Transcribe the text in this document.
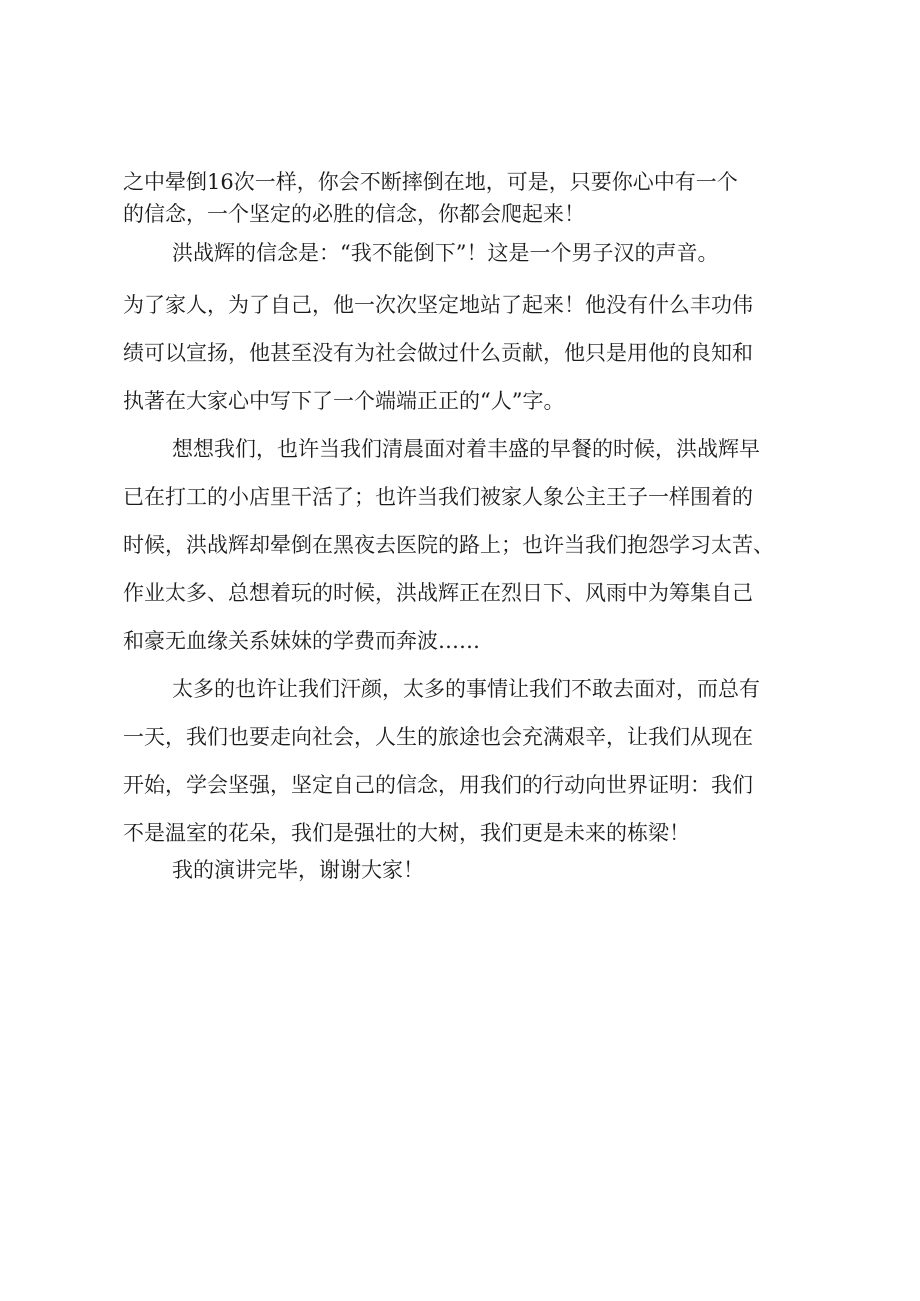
之中晕倒16次一样，你会不断摔倒在地，可是，只要你心中有一个
的信念，一个坚定的必胜的信念，你都会爬起来！
洪战辉的信念是：“我不能倒下”！这是一个男子汉的声音。
为了家人，为了自己，他一次次坚定地站了起来！他没有什么丰功伟
绩可以宣扬，他甚至没有为社会做过什么贡献，他只是用他的良知和
执著在大家心中写下了一个端端正正的“人”字。
想想我们，也许当我们清晨面对着丰盛的早餐的时候，洪战辉早
已在打工的小店里干活了；也许当我们被家人象公主王子一样围着的
时候，洪战辉却晕倒在黑夜去医院的路上；也许当我们抱怨学习太苦、
作业太多、总想着玩的时候，洪战辉正在烈日下、风雨中为筹集自己
和豪无血缘关系妹妹的学费而奔波……
太多的也许让我们汗颜，太多的事情让我们不敢去面对，而总有
一天，我们也要走向社会，人生的旅途也会充满艰辛，让我们从现在
开始，学会坚强，坚定自己的信念，用我们的行动向世界证明：我们
不是温室的花朵，我们是强壮的大树，我们更是未来的栋梁！
我的演讲完毕，谢谢大家！
